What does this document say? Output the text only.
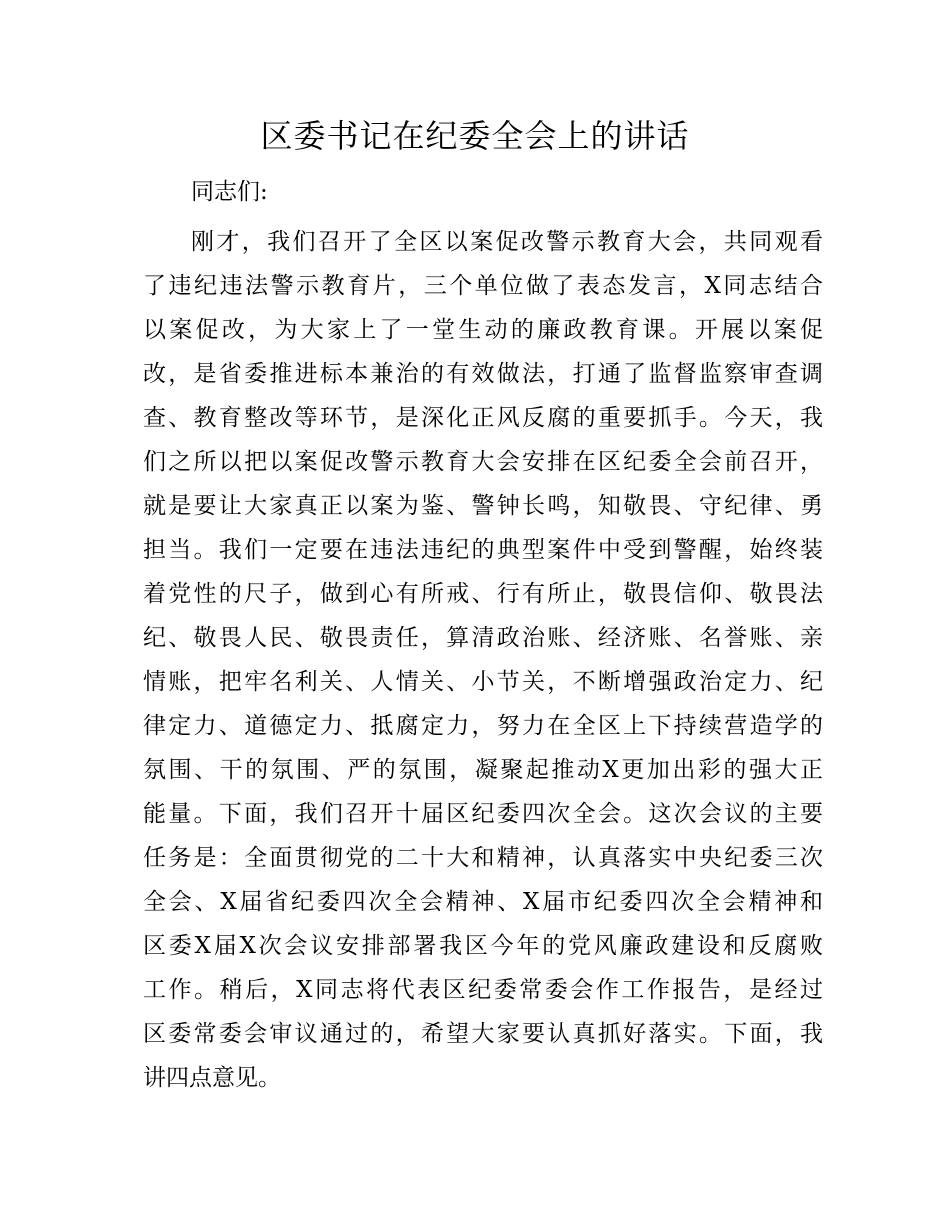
区委书记在纪委全会上的讲话

同志们:

刚才，我们召开了全区以案促改警示教育大会，共同观看
了违纪违法警示教育片，三个单位做了表态发言，X同志结合
以案促改，为大家上了一堂生动的廉政教育课。开展以案促
改，是省委推进标本兼治的有效做法，打通了监督监察审查调
查、教育整改等环节，是深化正风反腐的重要抓手。今天，我
们之所以把以案促改警示教育大会安排在区纪委全会前召开，
就是要让大家真正以案为鉴、警钟长鸣，知敬畏、守纪律、勇
担当。我们一定要在违法违纪的典型案件中受到警醒，始终装
着党性的尺子，做到心有所戒、行有所止，敬畏信仰、敬畏法
纪、敬畏人民、敬畏责任，算清政治账、经济账、名誉账、亲
情账，把牢名利关、人情关、小节关，不断增强政治定力、纪
律定力、道德定力、抵腐定力，努力在全区上下持续营造学的
氛围、干的氛围、严的氛围，凝聚起推动X更加出彩的强大正
能量。下面，我们召开十届区纪委四次全会。这次会议的主要
任务是：全面贯彻党的二十大和精神，认真落实中央纪委三次
全会、X届省纪委四次全会精神、X届市纪委四次全会精神和
区委X届X次会议安排部署我区今年的党风廉政建设和反腐败
工作。稍后，X同志将代表区纪委常委会作工作报告，是经过
区委常委会审议通过的，希望大家要认真抓好落实。下面，我
讲四点意见。
